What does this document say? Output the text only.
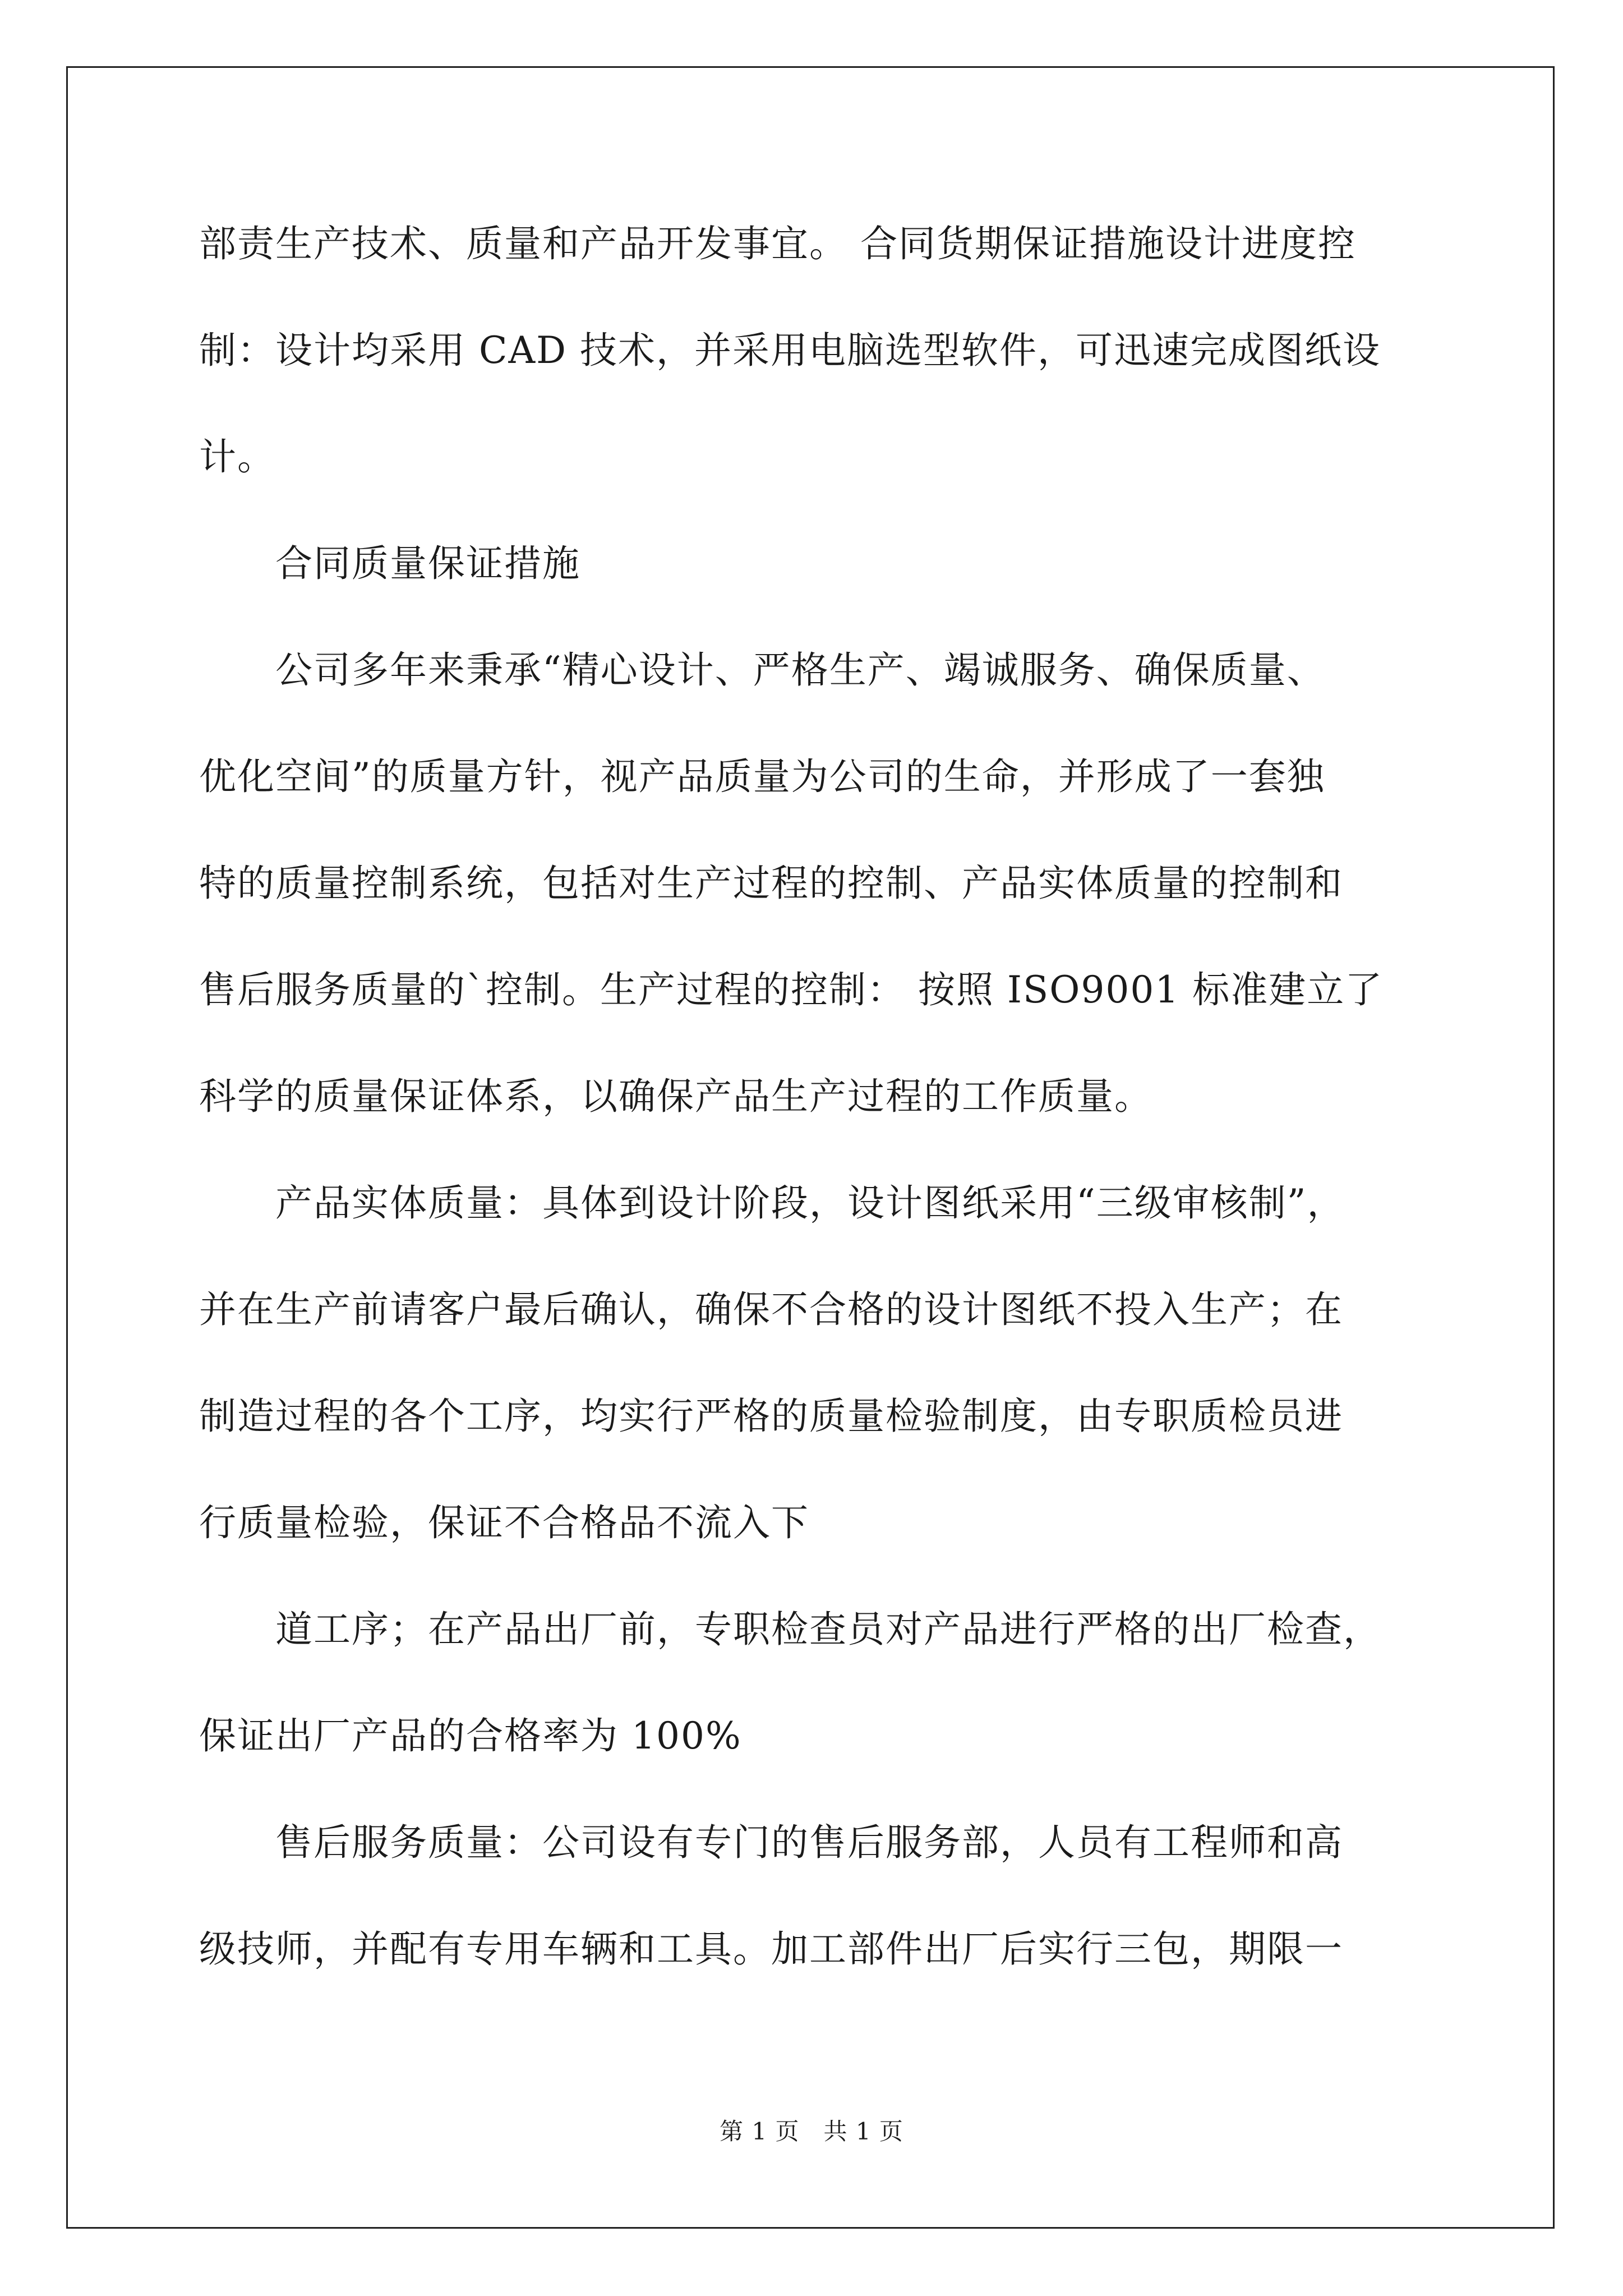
部责生产技术、质量和产品开发事宜。 合同货期保证措施设计进度控
制：设计均采用 CAD 技术，并采用电脑选型软件，可迅速完成图纸设
计。
　　合同质量保证措施
　　公司多年来秉承“精心设计、严格生产、竭诚服务、确保质量、
优化空间”的质量方针，视产品质量为公司的生命，并形成了一套独
特的质量控制系统，包括对生产过程的控制、产品实体质量的控制和
售后服务质量的`控制。生产过程的控制： 按照 ISO9001 标准建立了
科学的质量保证体系，以确保产品生产过程的工作质量。
　　产品实体质量：具体到设计阶段，设计图纸采用“三级审核制”，
并在生产前请客户最后确认，确保不合格的设计图纸不投入生产；在
制造过程的各个工序，均实行严格的质量检验制度，由专职质检员进
行质量检验，保证不合格品不流入下
　　道工序；在产品出厂前，专职检查员对产品进行严格的出厂检查，
保证出厂产品的合格率为 100%
　　售后服务质量：公司设有专门的售后服务部，人员有工程师和高
级技师，并配有专用车辆和工具。加工部件出厂后实行三包，期限一
第 1 页　共 1 页
